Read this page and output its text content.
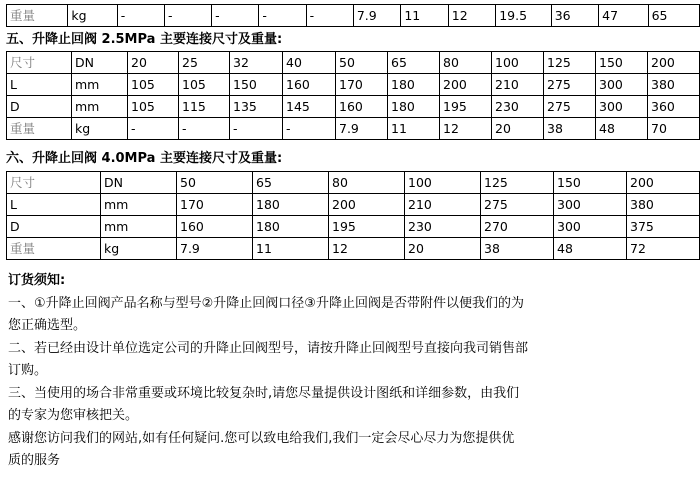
重量	kg	-	-	-	-	-	7.9	11	12	19.5	36	47	65
五、升降止回阀 2.5MPa 主要连接尺寸及重量:
尺寸	DN	20	25	32	40	50	65	80	100	125	150	200
L	mm	105	105	150	160	170	180	200	210	275	300	380
D	mm	105	115	135	145	160	180	195	230	275	300	360
重量	kg	-	-	-	-	7.9	11	12	20	38	48	70
六、升降止回阀 4.0MPa 主要连接尺寸及重量:
尺寸	DN	50	65	80	100	125	150	200
L	mm	170	180	200	210	275	300	380
D	mm	160	180	195	230	270	300	375
重量	kg	7.9	11	12	20	38	48	72

订货须知:

一、①升降止回阀产品名称与型号②升降止回阀口径③升降止回阀是否带附件以便我们的为

您正确选型。

二、若已经由设计单位选定公司的升降止回阀型号，请按升降止回阀型号直接向我司销售部

订购。

三、当使用的场合非常重要或环境比较复杂时,请您尽量提供设计图纸和详细参数，由我们

的专家为您审核把关。

感谢您访问我们的网站,如有任何疑问.您可以致电给我们,我们一定会尽心尽力为您提供优

质的服务
